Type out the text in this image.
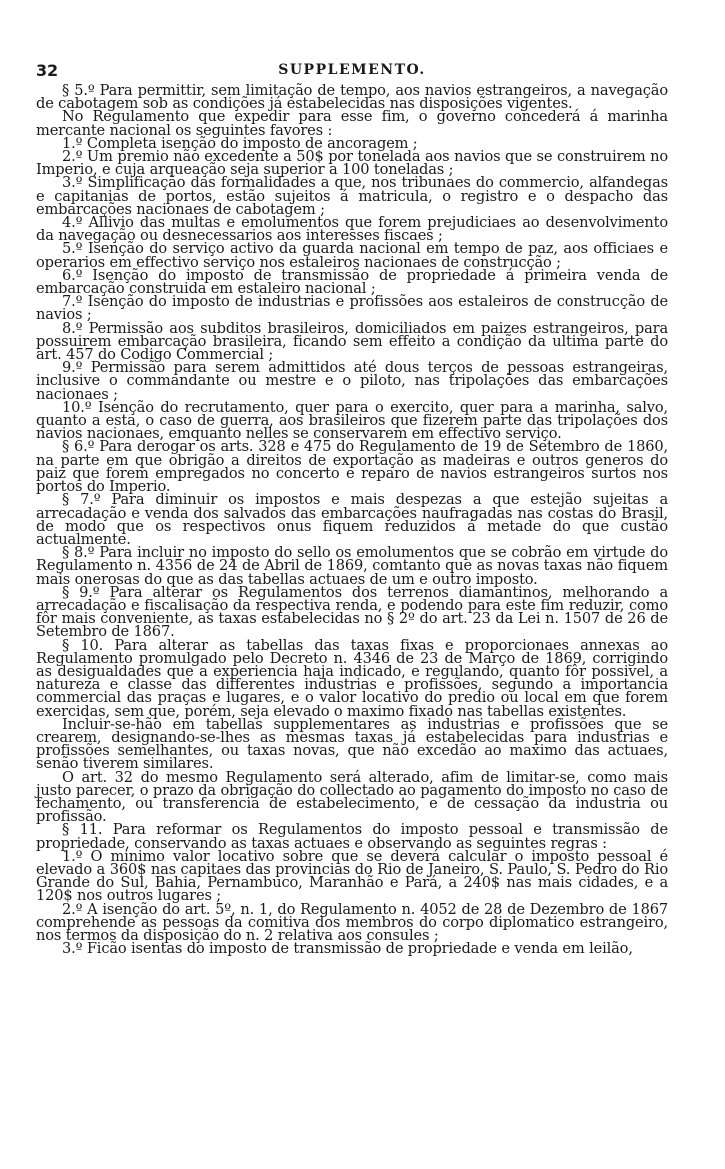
32	SUPPLEMENTO.

§ 5.º Para permittir, sem limitação de tempo, aos navios estrangeiros, a navegação de cabotagem sob as condições já estabelecidas nas disposições vigentes.

No Regulamento que expedir para esse fim, o governo concederá á marinha mercante nacional os seguintes favores :

1.º Completa isenção do imposto de ancoragem ;

2.º Um premio não excedente a 50$ por tonelada aos navios que se construirem no Imperio, e cuja arqueação seja superior a 100 toneladas ;

3.º Simplificação das formalidades a que, nos tribunaes do commercio, alfandegas e capitanias de portos, estão sujeitos á matricula, o registro e o despacho das embarcações nacionaes de cabotagem ;

4.º Allivio das multas e emolumentos que forem prejudiciaes ao desenvolvimento da navegação ou desnecessarios aos interesses fiscaes ;

5.º Isenção do serviço activo da guarda nacional em tempo de paz, aos officiaes e operarios em effectivo serviço nos estaleiros nacionaes de construcção ;

6.º Isenção do imposto de transmissão de propriedade á primeira venda de embarcação construida em estaleiro nacional ;

7.º Isenção do imposto de industrias e profissões aos estaleiros de construcção de navios ;

8.º Permissão aos subditos brasileiros, domiciliados em paizes estrangeiros, para possuirem embarcação brasileira, ficando sem effeito a condição da ultima parte do art. 457 do Codigo Commercial ;

9.º Permissão para serem admittidos até dous terços de pessoas estrangeiras, inclusive o commandante ou mestre e o piloto, nas tripolações das embarcações nacionaes ;

10.º Isenção do recrutamento, quer para o exercito, quer para a marinha, salvo, quanto a esta, o caso de guerra, aos brasileiros que fizerem parte das tripolações dos navios nacionaes, emquanto nelles se conservarem em effectivo serviço.

§ 6.º Para derogar os arts. 328 e 475 do Regulamento de 19 de Setembro de 1860, na parte em que obrigão a direitos de exportação as madeiras e outros generos do paiz que forem empregados no concerto e reparo de navios estrangeiros surtos nos portos do Imperio.

§ 7.º Para diminuir os impostos e mais despezas a que estejão sujeitas a arrecadação e venda dos salvados das embarcações naufragadas nas costas do Brasil, de modo que os respectivos onus fiquem reduzidos á metade do que custão actualmente.

§ 8.º Para incluir no imposto do sello os emolumentos que se cobrão em virtude do Regulamento n. 4356 de 24 de Abril de 1869, comtanto que as novas taxas não fiquem mais onerosas do que as das tabellas actuaes de um e outro imposto.

§ 9.º Para alterar os Regulamentos dos terrenos diamantinos, melhorando a arrecadação e fiscalisação da respectiva renda, e podendo para este fim reduzir, como fôr mais conveniente, as taxas estabelecidas no § 2º do art. 23 da Lei n. 1507 de 26 de Setembro de 1867.

§ 10. Para alterar as tabellas das taxas fixas e proporcionaes annexas ao Regulamento promulgado pelo Decreto n. 4346 de 23 de Março de 1869, corrigindo as desigualdades que a experiencia haja indicado, e regulando, quanto fôr possivel, a natureza e classe das differentes industrias e profissões, segundo a importancia commercial das praças e lugares, e o valor locativo do predio ou local em que forem exercidas, sem que, porém, seja elevado o maximo fixado nas tabellas existentes.

Incluir-se-hão em tabellas supplementares as industrias e profissões que se crearem, designando-se-lhes as mesmas taxas já estabelecidas para industrias e profissões semelhantes, ou taxas novas, que não excedão ao maximo das actuaes, senão tiverem similares.

O art. 32 do mesmo Regulamento será alterado, afim de limitar-se, como mais justo parecer, o prazo da obrigação do collectado ao pagamento do imposto no caso de fechamento, ou transferencia de estabelecimento, e de cessação da industria ou profissão.

§ 11. Para reformar os Regulamentos do imposto pessoal e transmissão de propriedade, conservando as taxas actuaes e observando as seguintes regras :

1.º O minimo valor locativo sobre que se deverá calcular o imposto pessoal é elevado a 360$ nas capitaes das provincias do Rio de Janeiro, S. Paulo, S. Pedro do Rio Grande do Sul, Bahia, Pernambuco, Maranhão e Pará, a 240$ nas mais cidades, e a 120$ nos outros lugares ;

2.º A isenção do art. 5º, n. 1, do Regulamento n. 4052 de 28 de Dezembro de 1867 comprehende as pessoas da comitiva dos membros do corpo diplomatico estrangeiro, nos termos da disposição do n. 2 relativa aos consules ;

3.º Ficão isentas do imposto de transmissão de propriedade e venda em leilão,
